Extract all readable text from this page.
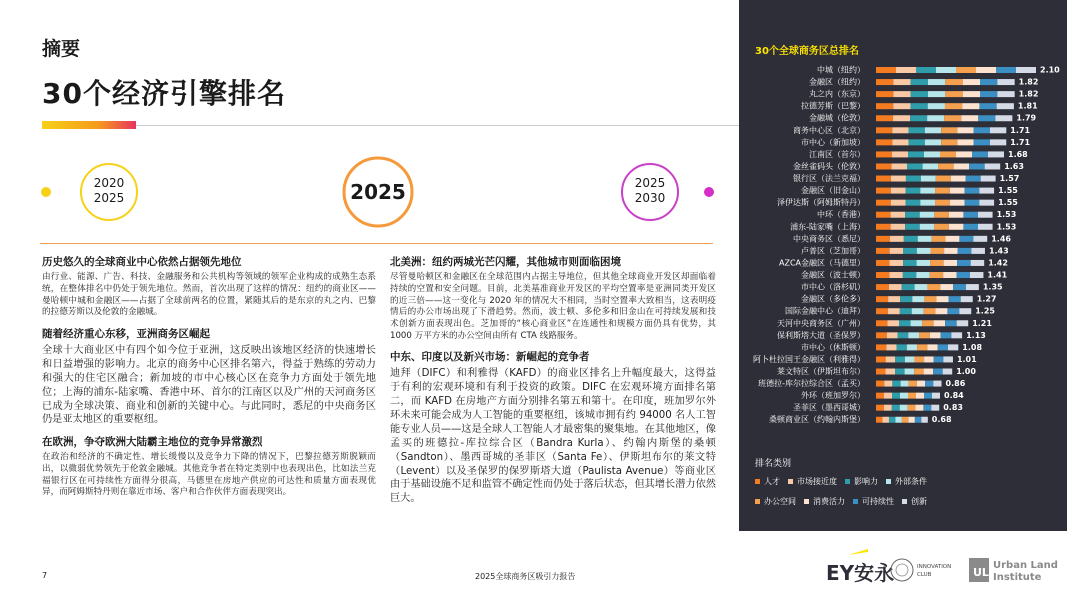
摘要
30个经济引擎排名
2020
2025	2025	2025
2030
历史悠久的全球商业中心依然占据领先地位
由行业、能源、广告、科技、金融服务和公共机构等领域的领军企业构成的成熟生态系统，在整体排名中仍处于领先地位。然而，首次出现了这样的情况：纽约的商业区——曼哈顿中城和金融区——占据了全球前两名的位置，紧随其后的是东京的丸之内、巴黎的拉德芳斯以及伦敦的金融城。
随着经济重心东移，亚洲商务区崛起
全球十大商业区中有四个如今位于亚洲，这反映出该地区经济的快速增长和日益增强的影响力。北京的商务中心区排名第六，得益于熟练的劳动力和强大的住宅区融合；新加坡的市中心核心区在竞争力方面处于领先地位；上海的浦东-陆家嘴、香港中环、首尔的江南区以及广州的天河商务区已成为全球决策、商业和创新的关键中心。与此同时，悉尼的中央商务区仍是亚太地区的重要枢纽。
在欧洲，争夺欧洲大陆霸主地位的竞争异常激烈
在政治和经济的不确定性、增长缓慢以及竞争力下降的情况下，巴黎拉德芳斯脱颖而出，以微弱优势领先于伦敦金融城。其他竞争者在特定类别中也表现出色，比如法兰克福银行区在可持续性方面得分很高，马德里在房地产供应的可达性和质量方面表现优异，而阿姆斯特丹则在靠近市场、客户和合作伙伴方面表现突出。
北美洲：纽约两城光芒闪耀，其他城市则面临困境
尽管曼哈顿区和金融区在全球范围内占据主导地位，但其他全球商业开发区却面临着持续的空置和安全问题。目前，北美基准商业开发区的平均空置率是亚洲同类开发区的近三倍——这一变化与 2020 年的情况大不相同，当时空置率大致相当，这表明疫情后的办公市场出现了下滑趋势。然而，波士顿、多伦多和旧金山在可持续发展和技术创新方面表现出色。芝加哥的“核心商业区”在连通性和规模方面仍具有优势，其 1000 万平方米的办公空间由所有 CTA 线路服务。
中东、印度以及新兴市场：新崛起的竞争者
迪拜（DIFC）和利雅得（KAFD）的商业区排名上升幅度最大，这得益于有利的宏观环境和有利于投资的政策。DIFC 在宏观环境方面排名第二，而 KAFD 在房地产方面分别排名第五和第十。在印度，班加罗尔外环未来可能会成为人工智能的重要枢纽，该城市拥有约 94000 名人工智能专业人员——这是全球人工智能人才最密集的聚集地。在其他地区，像孟买的班德拉-库拉综合区（Bandra Kurla）、约翰内斯堡的桑顿（Sandton）、墨西哥城的圣菲区（Santa Fe）、伊斯坦布尔的莱文特（Levent）以及圣保罗的保罗斯塔大道（Paulista Avenue）等商业区由于基础设施不足和监管不确定性而仍处于落后状态，但其增长潜力依然巨大。
30个全球商务区总排名
中城（纽约）	2.10
金融区（纽约）	1.82
丸之内（东京）	1.82
拉德芳斯（巴黎）	1.81
金融城（伦敦）	1.79
商务中心区（北京）	1.71
市中心（新加坡）	1.71
江南区（首尔）	1.68
金丝雀码头（伦敦）	1.63
银行区（法兰克福）	1.57
金融区（旧金山）	1.55
泽伊达斯（阿姆斯特丹）	1.55
中环（香港）	1.53
浦东-陆家嘴（上海）	1.53
中央商务区（悉尼）	1.46
卢普区（芝加哥）	1.43
AZCA金融区（马德里）	1.42
金融区（波士顿）	1.41
市中心（洛杉矶）	1.35
金融区（多伦多）	1.27
国际金融中心（迪拜）	1.25
天河中央商务区（广州）	1.21
保利斯塔大道（圣保罗）	1.13
市中心（休斯顿）	1.08
阿卜杜拉国王金融区（利雅得）	1.01
莱文特区（伊斯坦布尔）	1.00
班德拉-库尔拉综合区（孟买）	0.86
外环（班加罗尔）	0.84
圣菲区（墨西哥城）	0.83
桑顿商业区（约翰内斯堡）	0.68
排名类别
人才 市场接近度 影响力 外部条件
办公空间 消费活力 可持续性 创新
7	2025全球商务区吸引力报告	EY安永	INNOVATION
CLUB	ULI
Urban Land
Institute
